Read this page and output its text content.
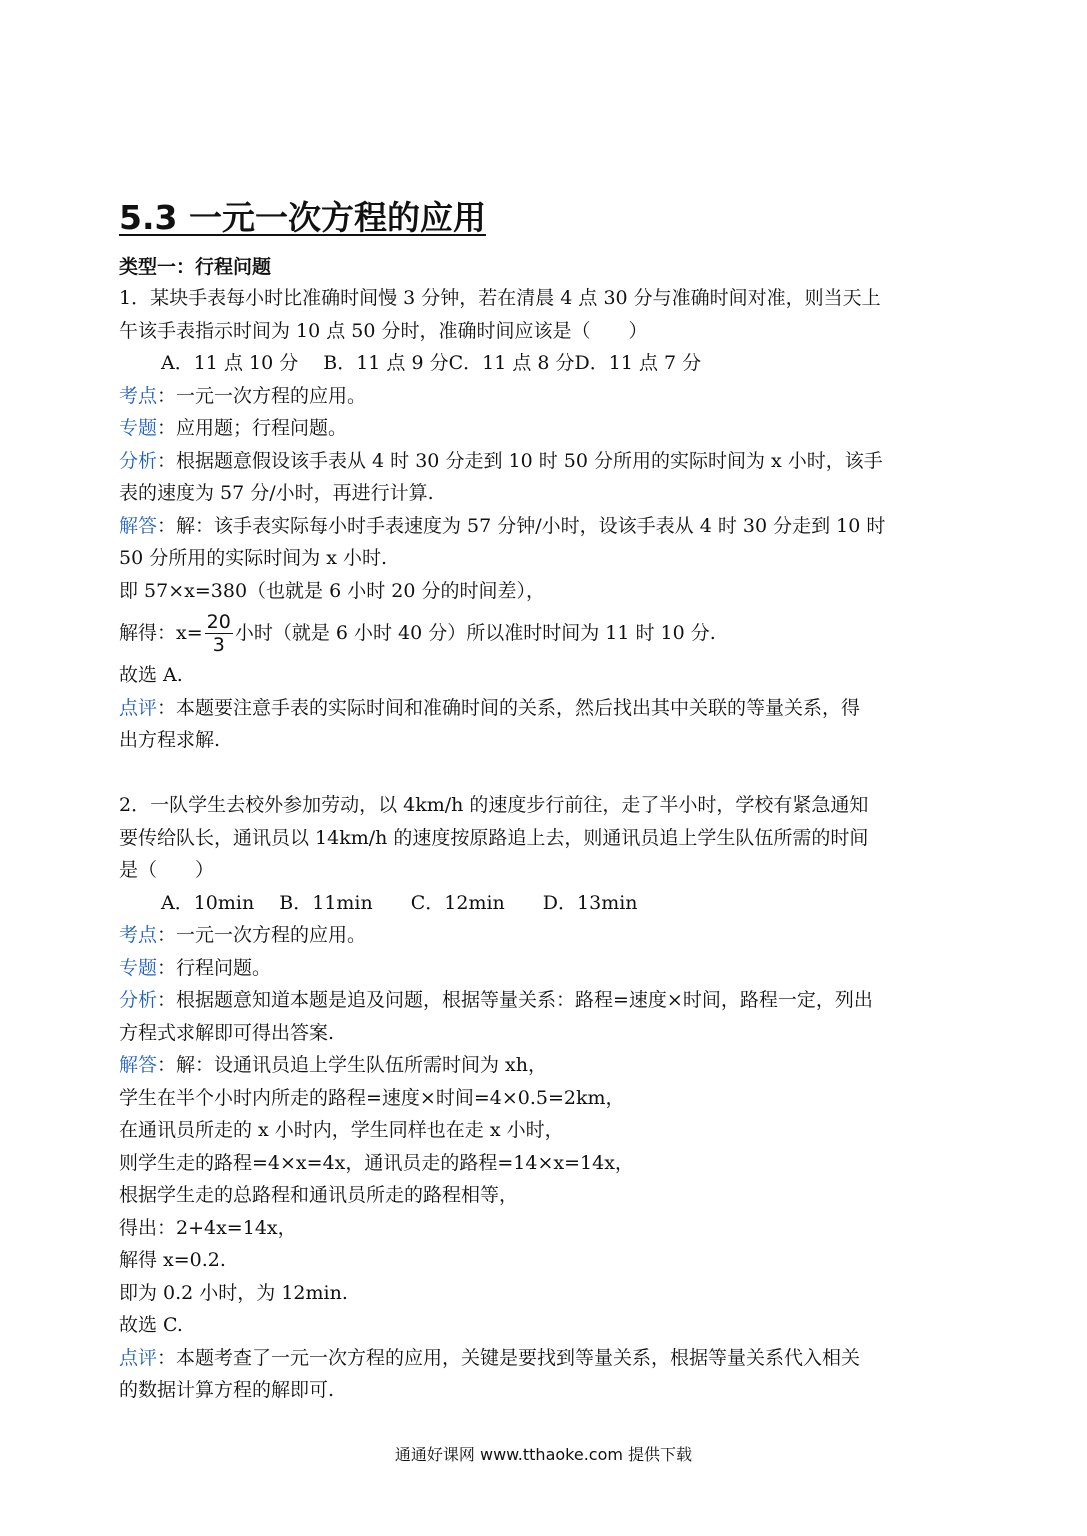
5.3 一元一次方程的应用
类型一：行程问题
1．某块手表每小时比准确时间慢 3 分钟，若在清晨 4 点 30 分与准确时间对准，则当天上
午该手表指示时间为 10 点 50 分时，准确时间应该是（　　）
A．11 点 10 分　 B．11 点 9 分C．11 点 8 分D．11 点 7 分
考点：一元一次方程的应用。
专题：应用题；行程问题。
分析：根据题意假设该手表从 4 时 30 分走到 10 时 50 分所用的实际时间为 x 小时，该手
表的速度为 57 分/小时，再进行计算.
解答：解：该手表实际每小时手表速度为 57 分钟/小时，设该手表从 4 时 30 分走到 10 时
50 分所用的实际时间为 x 小时.
即 57×x=380（也就是 6 小时 20 分的时间差），
解得：$x= \frac{20}{3}$ 小时（就是 6 小时 40 分）所以准时时间为 11 时 10 分.
故选 A.
点评：本题要注意手表的实际时间和准确时间的关系，然后找出其中关联的等量关系，得
出方程求解.
2．一队学生去校外参加劳动，以 4km/h 的速度步行前往，走了半小时，学校有紧急通知
要传给队长，通讯员以 14km/h 的速度按原路追上去，则通讯员追上学生队伍所需的时间
是（　　）
A．10min　 B．11min　　C．12min　　D．13min
考点：一元一次方程的应用。
专题：行程问题。
分析：根据题意知道本题是追及问题，根据等量关系：路程=速度×时间，路程一定，列出
方程式求解即可得出答案.
解答：解：设通讯员追上学生队伍所需时间为 xh，
学生在半个小时内所走的路程=速度×时间=4×0.5=2km，
在通讯员所走的 x 小时内，学生同样也在走 x 小时，
则学生走的路程=4×x=4x，通讯员走的路程=14×x=14x，
根据学生走的总路程和通讯员所走的路程相等，
得出：2+4x=14x，
解得 x=0.2.
即为 0.2 小时，为 12min.
故选 C.
点评：本题考查了一元一次方程的应用，关键是要找到等量关系，根据等量关系代入相关
的数据计算方程的解即可.
通通好课网 www.tthaoke.com 提供下载
